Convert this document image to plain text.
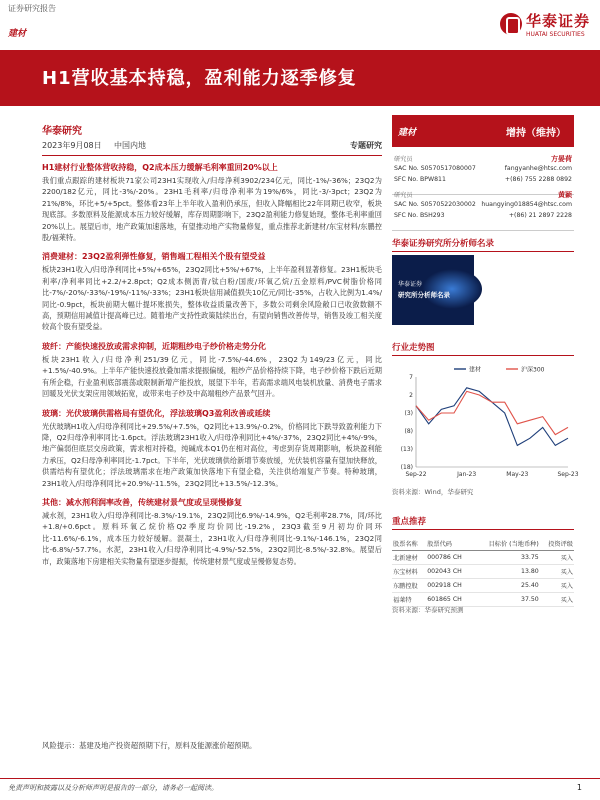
证券研究报告
建材
华泰证券
HUATAI SECURITIES
H1营收基本持稳，盈利能力逐季修复
华泰研究
2023年9月08日 中国内地	专题研究
H1建材行业整体营收持稳，Q2成本压力缓解毛利率重回20%以上
我们重点跟踪的建材板块71家公司23H1实现收入/归母净利3902/234亿元，同比-1%/-36%；23Q2为2200/182亿元，同比-3%/-20%。23H1毛利率/归母净利率为19%/6%，同比-3/-3pct；23Q2为21%/8%，环比+5/+5pct。整体看23年上半年收入盈利仍承压，但收入降幅相比22年同期已收窄，板块现底部。多数原料及能源成本压力较好缓解，库存周期影响下，23Q2盈利能力修复始现，整体毛利率重回20%以上。展望后市，地产政策加速落地，有望推动地产实物量修复，重点推荐北新建材/东宝材料/东鹏控股/福莱特。
消费建材：23Q2盈利弹性修复，销售端工程相关个股有望受益
板块23H1收入/归母净利同比+5%/+65%，23Q2同比+5%/+67%，上半年盈利显著修复。23H1板块毛利率/净利率同比+2.2/+2.8pct；Q2成本侧沥青/钛白粉/国废/环氧乙烷/五金原料/PVC树脂价格同比-7%/-20%/-33%/-19%/-11%/-33%；23H1板块信用减值损失10亿元/同比-35%，占收入比例为1.4%/同比-0.9pct，板块前期大幅计提坏账损失，整体收益质量改善下，多数公司剩余风险敞口已收敛数额不高，预期信用减值计提高峰已过。随着地产支持性政策陆续出台，有望向销售改善传导，销售及竣工相关度较高个股有望受益。
玻纤：产能快速投放或需求抑制，近期粗纱电子纱价格走势分化
板块23H1收入/归母净利251/39亿元，同比-7.5%/-44.6%，23Q2为149/23亿元，同比+1.5%/-40.9%。上半年产能快速投放叠加需求提振偏缓，粗纱产品价格持续下降，电子纱价格下跌后近期有所企稳，行业盈利底部震荡或限制新增产能投放，展望下半年，若高需求端风电装机放量、消费电子需求回暖及光伏支架应用领域拓宽，或带来电子纱及中高端粗纱产品景气回升。
玻璃：光伏玻璃供需格局有望优化，浮法玻璃Q3盈利改善或延续
光伏玻璃H1收入/归母净利同比+29.5%/+7.5%，Q2同比+13.9%/-0.2%，价格同比下跌导致盈利能力下降，Q2归母净利率同比-1.6pct。浮法玻璃23H1收入/归母净利同比+4%/-37%，23Q2同比+4%/-9%，地产偏弱但底层交房政策，需求相对持稳，纯碱成本Q1仍在相对高位，考虑到存货周期影响，板块盈利能力承压，Q2归母净利率同比-1.7pct。下半年，光伏玻璃供给新增节奏放缓，光伏装机容量有望加快释放，供需结构有望优化；浮法玻璃需求在地产政策加快落地下有望企稳，关注供给端复产节奏。特种玻璃，23H1收入/归母净利同比+20.9%/-11.5%，23Q2同比+13.5%/-12.3%。
其他：减水剂利润率改善，传统建材景气度或呈现慢修复
减水剂，23H1收入/归母净利同比-8.3%/-19.1%，23Q2同比6.9%/-14.9%，Q2毛利率28.7%，同/环比+1.8/+0.6pct。原料环氧乙烷价格Q2季度均价同比-19.2%，23Q3截至9月初均价同环比-11.6%/-6.1%，成本压力较好缓解。混凝土，23H1收入/归母净利同比-9.1%/-146.1%，23Q2同比-6.8%/-57.7%。水泥，23H1收入/归母净利同比-4.9%/-52.5%，23Q2同比-8.5%/-32.8%。展望后市，政策落地下房建相关实物量有望逐步提振，传统建材景气度或呈慢修复态势。
风险提示：基建及地产投资超预期下行，原料及能源涨价超预期。
建材	增持（维持）
研究员	方晏荷
SAC No. S0570517080007	fangyanhe@htsc.com
SFC No. BPW811	+(86) 755 2288 0892
研究员	黄颖
SAC No. S0570522030002 huangying018854@htsc.com
SFC No. BSH293	+(86) 21 2897 2228
华泰证券研究所分析师名录
华泰证券
研究所分析师名录
行业走势图
7
2
(3)
(8)
(13)
(18)
Sep-22	Jan-23	May-23	Sep-23
建材	沪深300
资料来源：Wind，华泰研究
重点推荐
股票名称	股票代码	目标价 (当地币种)	投资评级
北新建材	000786 CH	33.75	买入
东宝材料	002043 CH	13.80	买入
东鹏控股	002918 CH	25.40	买入
福莱特	601865 CH	37.50	买入
资料来源：华泰研究预测
免责声明和披露以及分析师声明是报告的一部分，请务必一起阅读。	1
